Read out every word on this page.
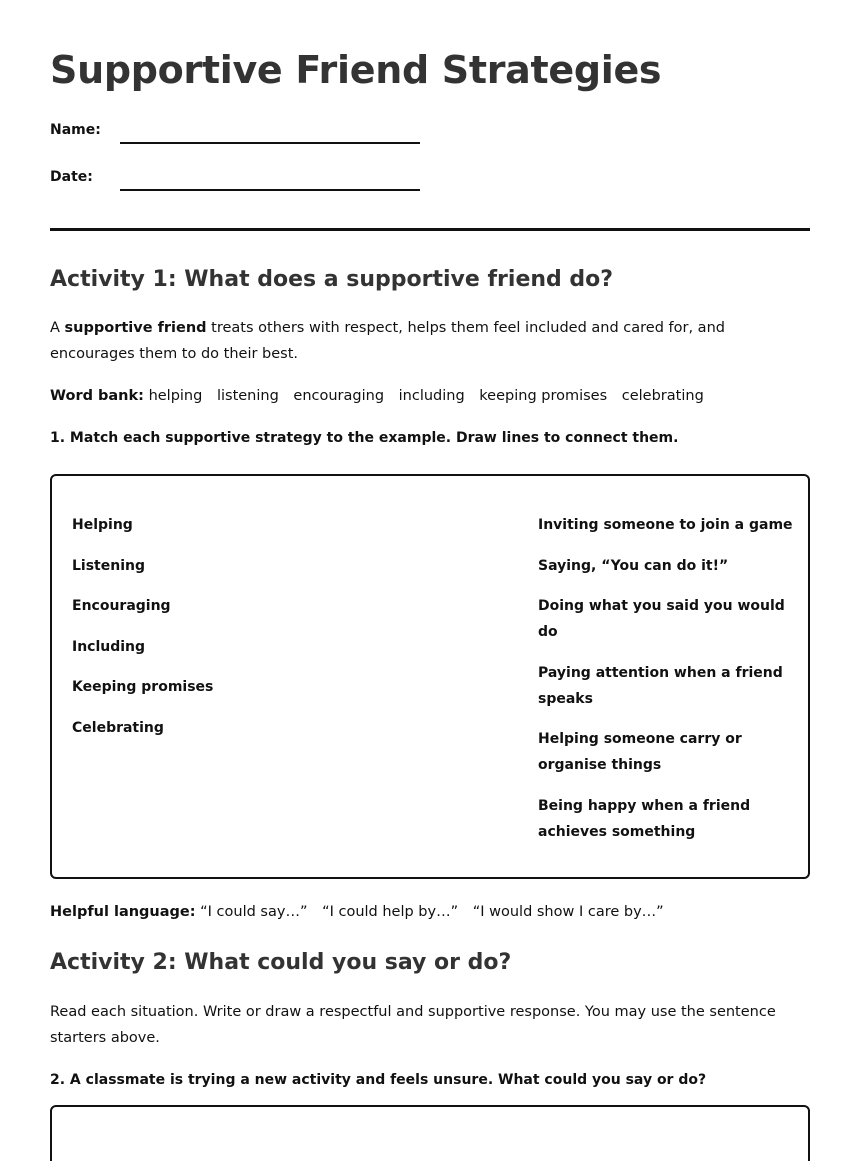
Supportive Friend Strategies
Name:
Date:
Activity 1: What does a supportive friend do?

A supportive friend treats others with respect, helps them feel included and cared for, and encourages them to do their best.

Word bank: helping listening encouraging including keeping promises celebrating

1. Match each supportive strategy to the example. Draw lines to connect them.

Helping
Listening
Encouraging
Including
Keeping promises
Celebrating
Inviting someone to join a game
Saying, “You can do it!”
Doing what you said you would do
Paying attention when a friend speaks
Helping someone carry or organise things
Being happy when a friend achieves something

Helpful language: “I could say…” “I could help by…” “I would show I care by…”

Activity 2: What could you say or do?

Read each situation. Write or draw a respectful and supportive response. You may use the sentence starters above.

2. A classmate is trying a new activity and feels unsure. What could you say or do?
